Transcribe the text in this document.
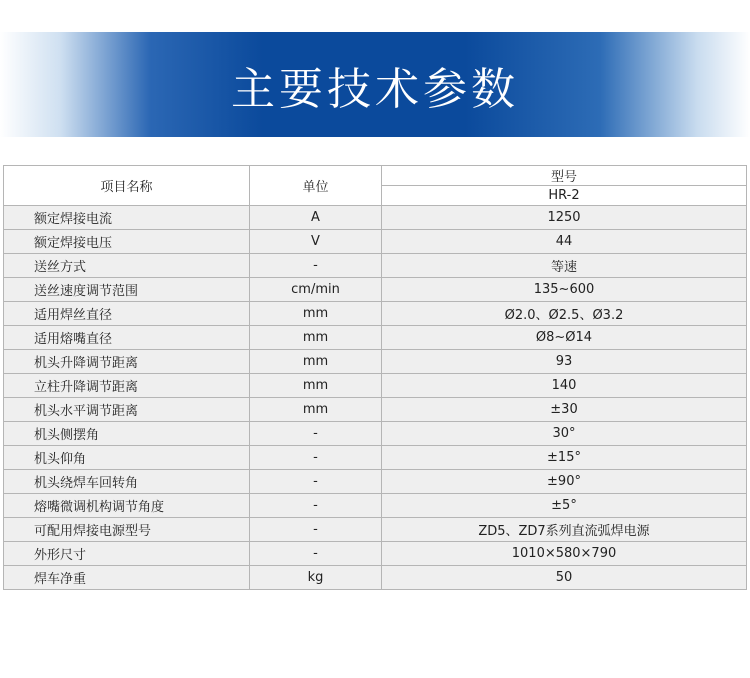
主要技术参数
项目名称	单位	型号
		HR-2
额定焊接电流	A	1250
额定焊接电压	V	44
送丝方式	-	等速
送丝速度调节范围	cm/min	135~600
适用焊丝直径	mm	Ø2.0、Ø2.5、Ø3.2
适用熔嘴直径	mm	Ø8~Ø14
机头升降调节距离	mm	93
立柱升降调节距离	mm	140
机头水平调节距离	mm	±30
机头侧摆角	-	30°
机头仰角	-	±15°
机头绕焊车回转角	-	±90°
熔嘴微调机构调节角度	-	±5°
可配用焊接电源型号	-	ZD5、ZD7系列直流弧焊电源
外形尺寸	-	1010×580×790
焊车净重	kg	50
